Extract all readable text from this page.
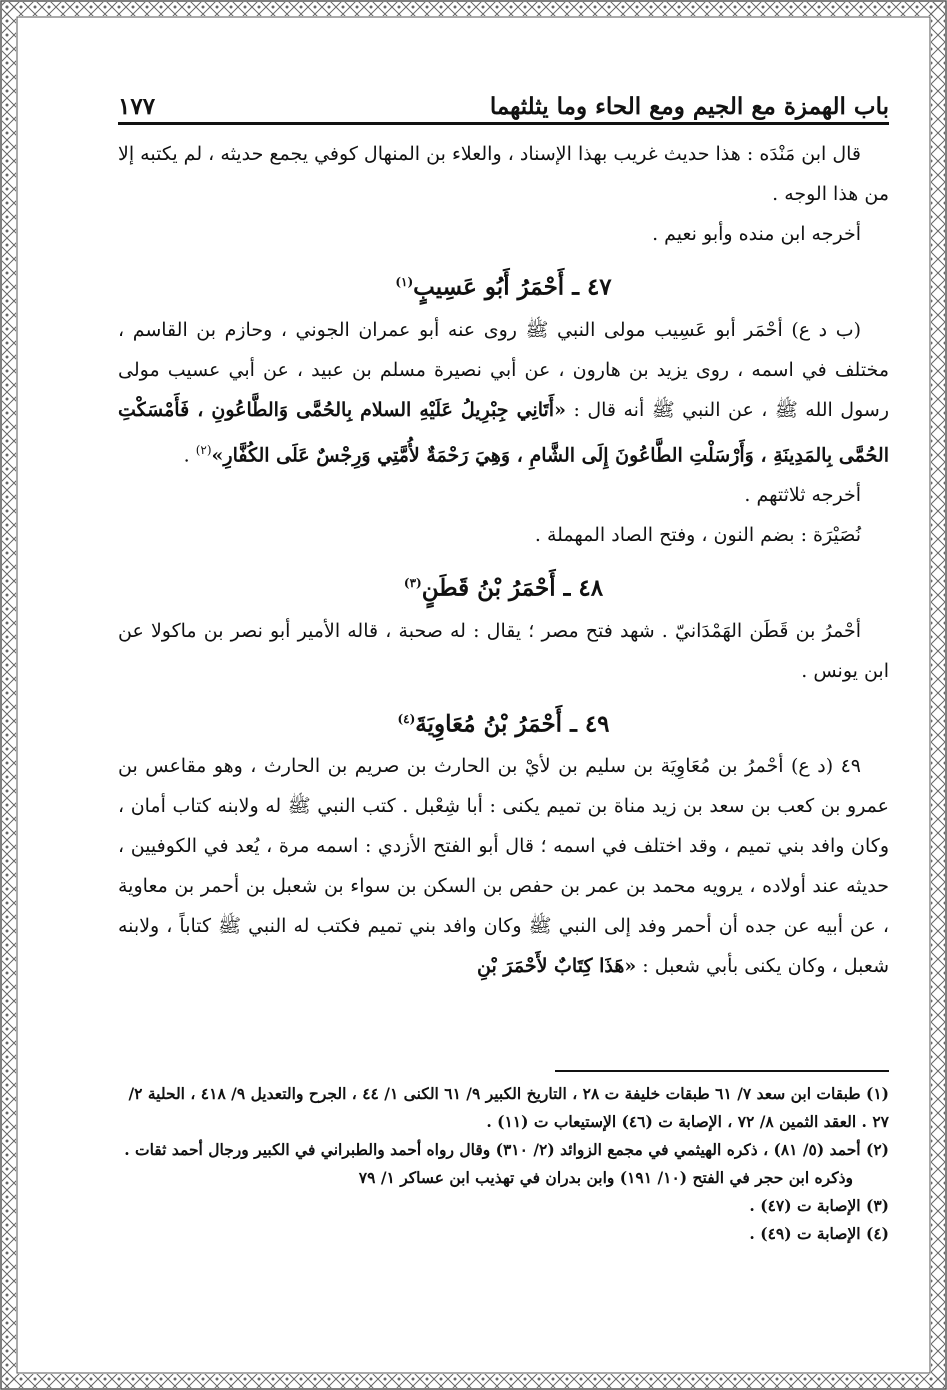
باب الهمزة مع الجيم ومع الحاء وما يثلثهما
١٧٧

قال ابن مَنْدَه : هذا حديث غريب بهذا الإسناد ، والعلاء بن المنهال كوفي يجمع حديثه ، لم يكتبه إلا من هذا الوجه .

أخرجه ابن منده وأبو نعيم .

٤٧ ـ أَحْمَرُ أَبُو عَسِيبٍ$^{(١)}$

(ب د ع) أحْمَر أبو عَسِيب مولى النبي ﷺ روى عنه أبو عمران الجوني ، وحازم بن القاسم ، مختلف في اسمه ، روى يزيد بن هارون ، عن أبي نصيرة مسلم بن عبيد ، عن أبي عسيب مولى رسول الله ﷺ ، عن النبي ﷺ أنه قال : «أَتَانِي جِبْرِيلُ عَلَيْهِ السلام بِالحُمَّى وَالطَّاعُونِ ، فَأَمْسَكْتِ الحُمَّى بِالمَدِينَةِ ، وَأَرْسَلْتِ الطَّاعُونَ إِلَى الشَّامِ ، وَهِيَ رَحْمَةٌ لأُمَّتِي وَرِجْسٌ عَلَى الكُفَّارِ»$^{(٢)}$ .

أخرجه ثلاثتهم .

نُصَيْرَة : بضم النون ، وفتح الصاد المهملة .

٤٨ ـ أَحْمَرُ بْنُ قَطَنٍ$^{(٣)}$

أحْمرُ بن قَطَن الهَمْدَانيّ . شهد فتح مصر ؛ يقال : له صحبة ، قاله الأمير أبو نصر بن ماكولا عن ابن يونس .

٤٩ ـ أَحْمَرُ بْنُ مُعَاوِيَةَ$^{(٤)}$

٤٩ (د ع) أحْمرُ بن مُعَاوِيَة بن سليم بن لأيْ بن الحارث بن صريم بن الحارث ، وهو مقاعس بن عمرو بن كعب بن سعد بن زيد مناة بن تميم يكنى : أبا شِعْبل . كتب النبي ﷺ له ولابنه كتاب أمان ، وكان وافد بني تميم ، وقد اختلف في اسمه ؛ قال أبو الفتح الأزدي : اسمه مرة ، يُعد في الكوفيين ، حديثه عند أولاده ، يرويه محمد بن عمر بن حفص بن السكن بن سواء بن شعبل بن أحمر بن معاوية ، عن أبيه عن جده أن أحمر وفد إلى النبي ﷺ وكان وافد بني تميم فكتب له النبي ﷺ كتاباً ، ولابنه شعبل ، وكان يكنى بأبي شعبل : «هَذَا كِتَابٌ لأَحْمَرَ بْنِ

(١) طبقات ابن سعد ٧/ ٦١ طبقات خليفة ت ٢٨ ، التاريخ الكبير ٩/ ٦١ الكنى ١/ ٤٤ ، الجرح والتعديل ٩/ ٤١٨ ، الحلية ٢/ ٢٧ . العقد الثمين ٨/ ٧٢ ، الإصابة ت (٤٦) الإستيعاب ت (١١) .

(٢) أحمد (٥/ ٨١) ، ذكره الهيثمي في مجمع الزوائد (٢/ ٣١٠) وقال رواه أحمد والطبراني في الكبير ورجال أحمد ثقات .

وذكره ابن حجر في الفتح (١٠/ ١٩١) وابن بدران في تهذيب ابن عساكر ١/ ٧٩

(٣) الإصابة ت (٤٧) .

(٤) الإصابة ت (٤٩) .
